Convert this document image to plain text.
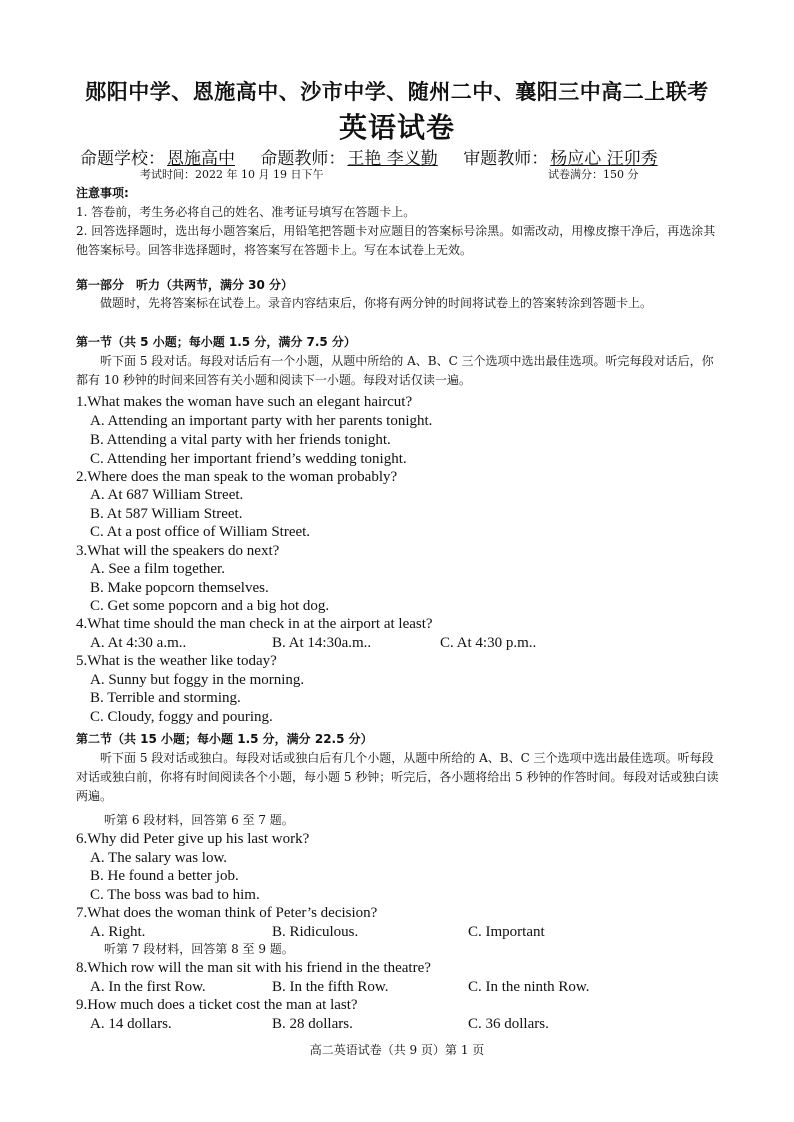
郧阳中学、恩施高中、沙市中学、随州二中、襄阳三中高二上联考
英语试卷
命题学校： 恩施高中 命题教师： 王艳 李义勤 审题教师： 杨应心 汪卯秀
考试时间：2022 年 10 月 19 日下午	试卷满分：150 分
注意事项:
1. 答卷前，考生务必将自己的姓名、准考证号填写在答题卡上。
2. 回答选择题时，选出每小题答案后，用铅笔把答题卡对应题目的答案标号涂黑。如需改动，用橡皮擦干净后，再选涂其他答案标号。回答非选择题时，将答案写在答题卡上。写在本试卷上无效。
第一部分　听力（共两节，满分 30 分）
做题时，先将答案标在试卷上。录音内容结束后，你将有两分钟的时间将试卷上的答案转涂到答题卡上。
第一节（共 5 小题；每小题 1.5 分，满分 7.5 分）
听下面 5 段对话。每段对话后有一个小题，从题中所给的 A、B、C 三个选项中选出最佳选项。听完每段对话后，你都有 10 秒钟的时间来回答有关小题和阅读下一小题。每段对话仅读一遍。
1.What makes the woman have such an elegant haircut?
A. Attending an important party with her parents tonight.
B. Attending a vital party with her friends tonight.
C. Attending her important friend’s wedding tonight.
2.Where does the man speak to the woman probably?
A. At 687 William Street.
B. At 587 William Street.
C. At a post office of William Street.
3.What will the speakers do next?
A. See a film together.
B. Make popcorn themselves.
C. Get some popcorn and a big hot dog.
4.What time should the man check in at the airport at least?
A. At 4:30 a.m..	B. At 14:30a.m..	C. At 4:30 p.m..
5.What is the weather like today?
A. Sunny but foggy in the morning.
B. Terrible and storming.
C. Cloudy, foggy and pouring.
第二节（共 15 小题；每小题 1.5 分，满分 22.5 分）
听下面 5 段对话或独白。每段对话或独白后有几个小题，从题中所给的 A、B、C 三个选项中选出最佳选项。听每段对话或独白前，你将有时间阅读各个小题，每小题 5 秒钟；听完后，各小题将给出 5 秒钟的作答时间。每段对话或独白读两遍。
听第 6 段材料，回答第 6 至 7 题。
6.Why did Peter give up his last work?
A. The salary was low.
B. He found a better job.
C. The boss was bad to him.
7.What does the woman think of Peter’s decision?
A. Right.	B. Ridiculous.	C. Important
听第 7 段材料，回答第 8 至 9 题。
8.Which row will the man sit with his friend in the theatre?
A. In the first Row.	B. In the fifth Row.	C. In the ninth Row.
9.How much does a ticket cost the man at last?
A. 14 dollars.	B. 28 dollars.	C. 36 dollars.
高二英语试卷（共 9 页）第 1 页
